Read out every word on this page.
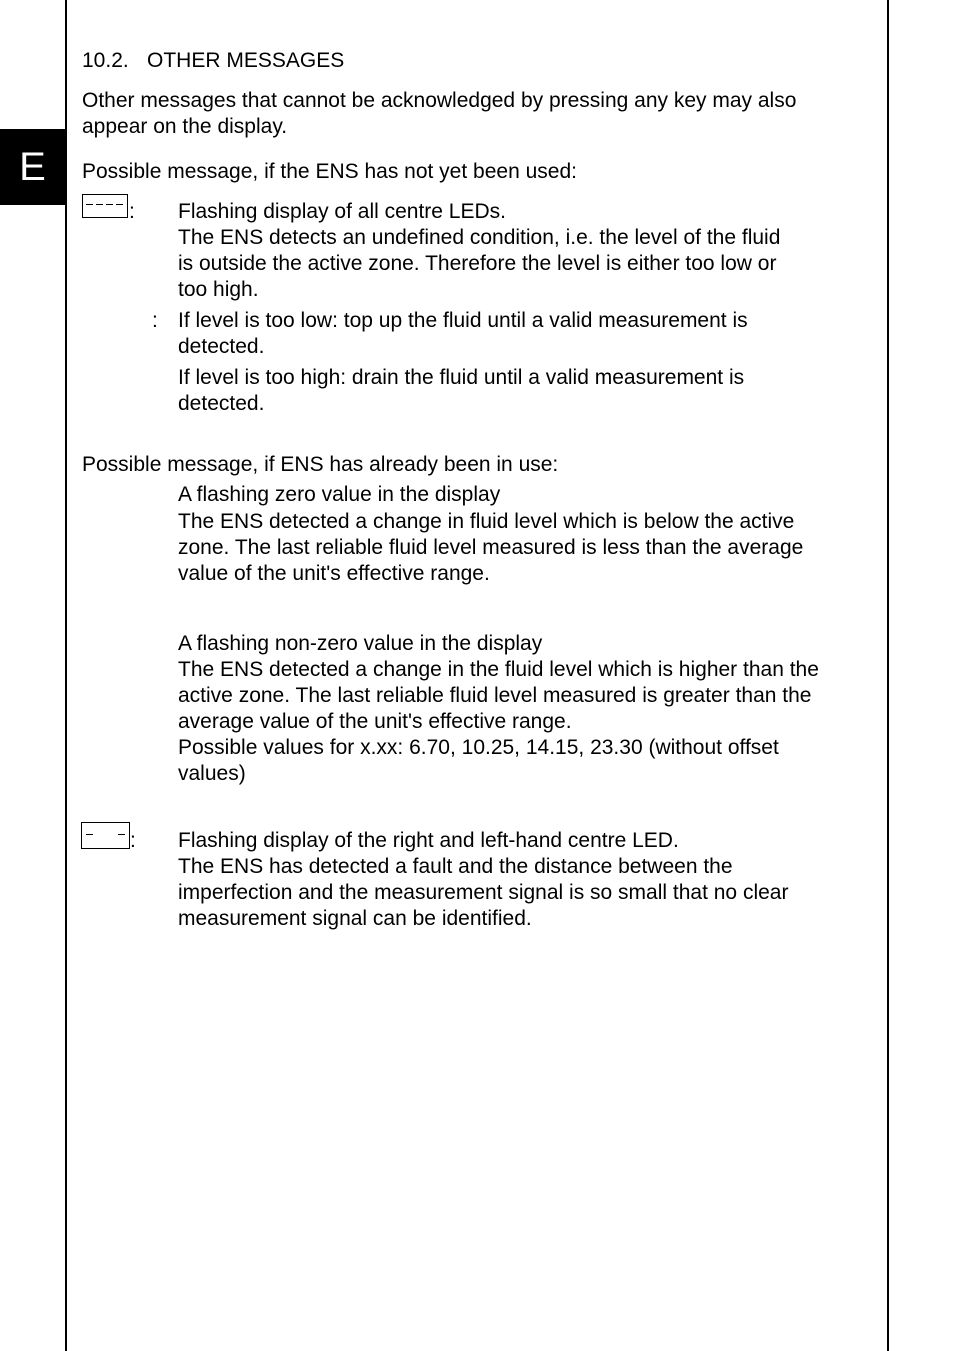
E
10.2. OTHER MESSAGES
Other messages that cannot be acknowledged by pressing any key may also
appear on the display.
Possible message, if the ENS has not yet been used:
: Flashing display of all centre LEDs.
The ENS detects an undefined condition, i.e. the level of the fluid
is outside the active zone. Therefore the level is either too low or
too high.
: If level is too low: top up the fluid until a valid measurement is
detected.
If level is too high: drain the fluid until a valid measurement is
detected.
Possible message, if ENS has already been in use:
A flashing zero value in the display
The ENS detected a change in fluid level which is below the active
zone. The last reliable fluid level measured is less than the average
value of the unit's effective range.
A flashing non-zero value in the display
The ENS detected a change in the fluid level which is higher than the
active zone. The last reliable fluid level measured is greater than the
average value of the unit's effective range.
Possible values for x.xx: 6.70, 10.25, 14.15, 23.30 (without offset
values)
: Flashing display of the right and left-hand centre LED.
The ENS has detected a fault and the distance between the
imperfection and the measurement signal is so small that no clear
measurement signal can be identified.
